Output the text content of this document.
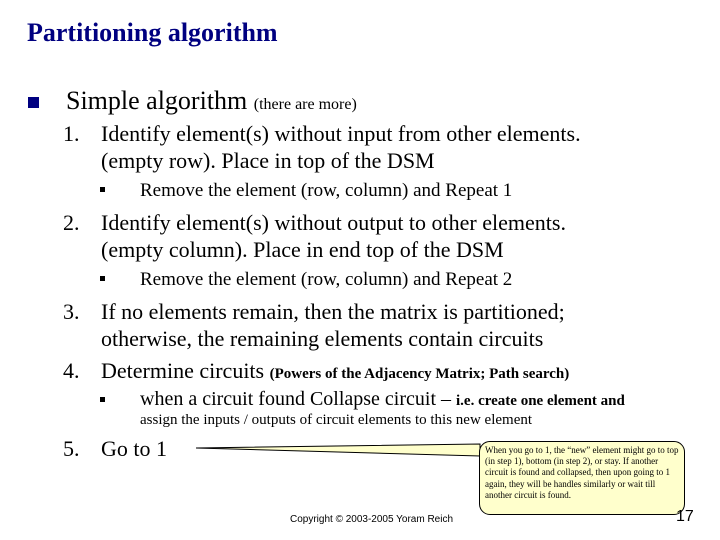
Partitioning algorithm
Simple algorithm (there are more)
1. Identify element(s) without input from other elements.
(empty row). Place in top of the DSM
Remove the element (row, column) and Repeat 1
2. Identify element(s) without output to other elements.
(empty column). Place in end top of the DSM
Remove the element (row, column) and Repeat 2
3. If no elements remain, then the matrix is partitioned;
otherwise, the remaining elements contain circuits
4. Determine circuits (Powers of the Adjacency Matrix; Path search)
when a circuit found Collapse circuit – i.e. create one element and
assign the inputs / outputs of circuit elements to this new element
5. Go to 1	When you go to 1, the “new” element might go to top (in step 1), bottom (in step 2), or stay. If another circuit is found and collapsed, then upon going to 1 again, they will be handles similarly or wait till another circuit is found.
Copyright © 2003-2005 Yoram Reich	17
